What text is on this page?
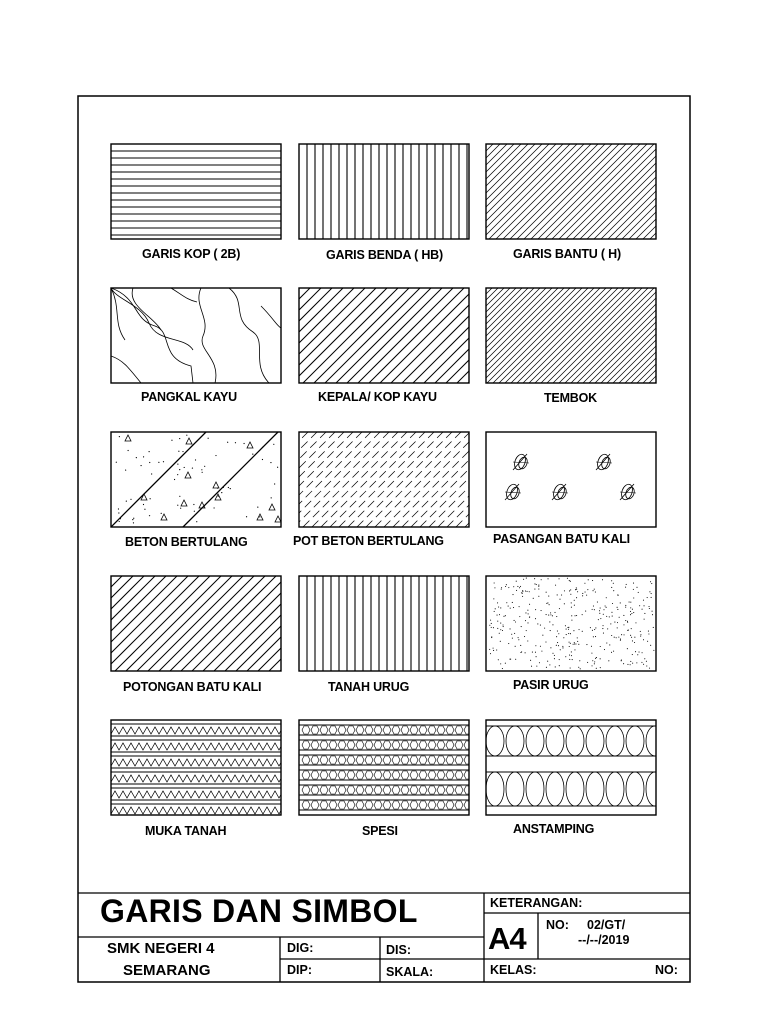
GARIS KOP ( 2B)	GARIS BENDA ( HB)	GARIS BANTU ( H)
PANGKAL KAYU	KEPALA/ KOP KAYU	TEMBOK
BETON BERTULANG	POT BETON BERTULANG	PASANGAN BATU KALI
POTONGAN BATU KALI	TANAH URUG	PASIR URUG
MUKA TANAH	SPESI	ANSTAMPING
GARIS DAN SIMBOL
SMK NEGERI 4
SEMARANG
DIG:	DIS:
DIP:	SKALA:
KETERANGAN:
A4 NO: 02/GT/
--/--/2019
KELAS:	NO:
